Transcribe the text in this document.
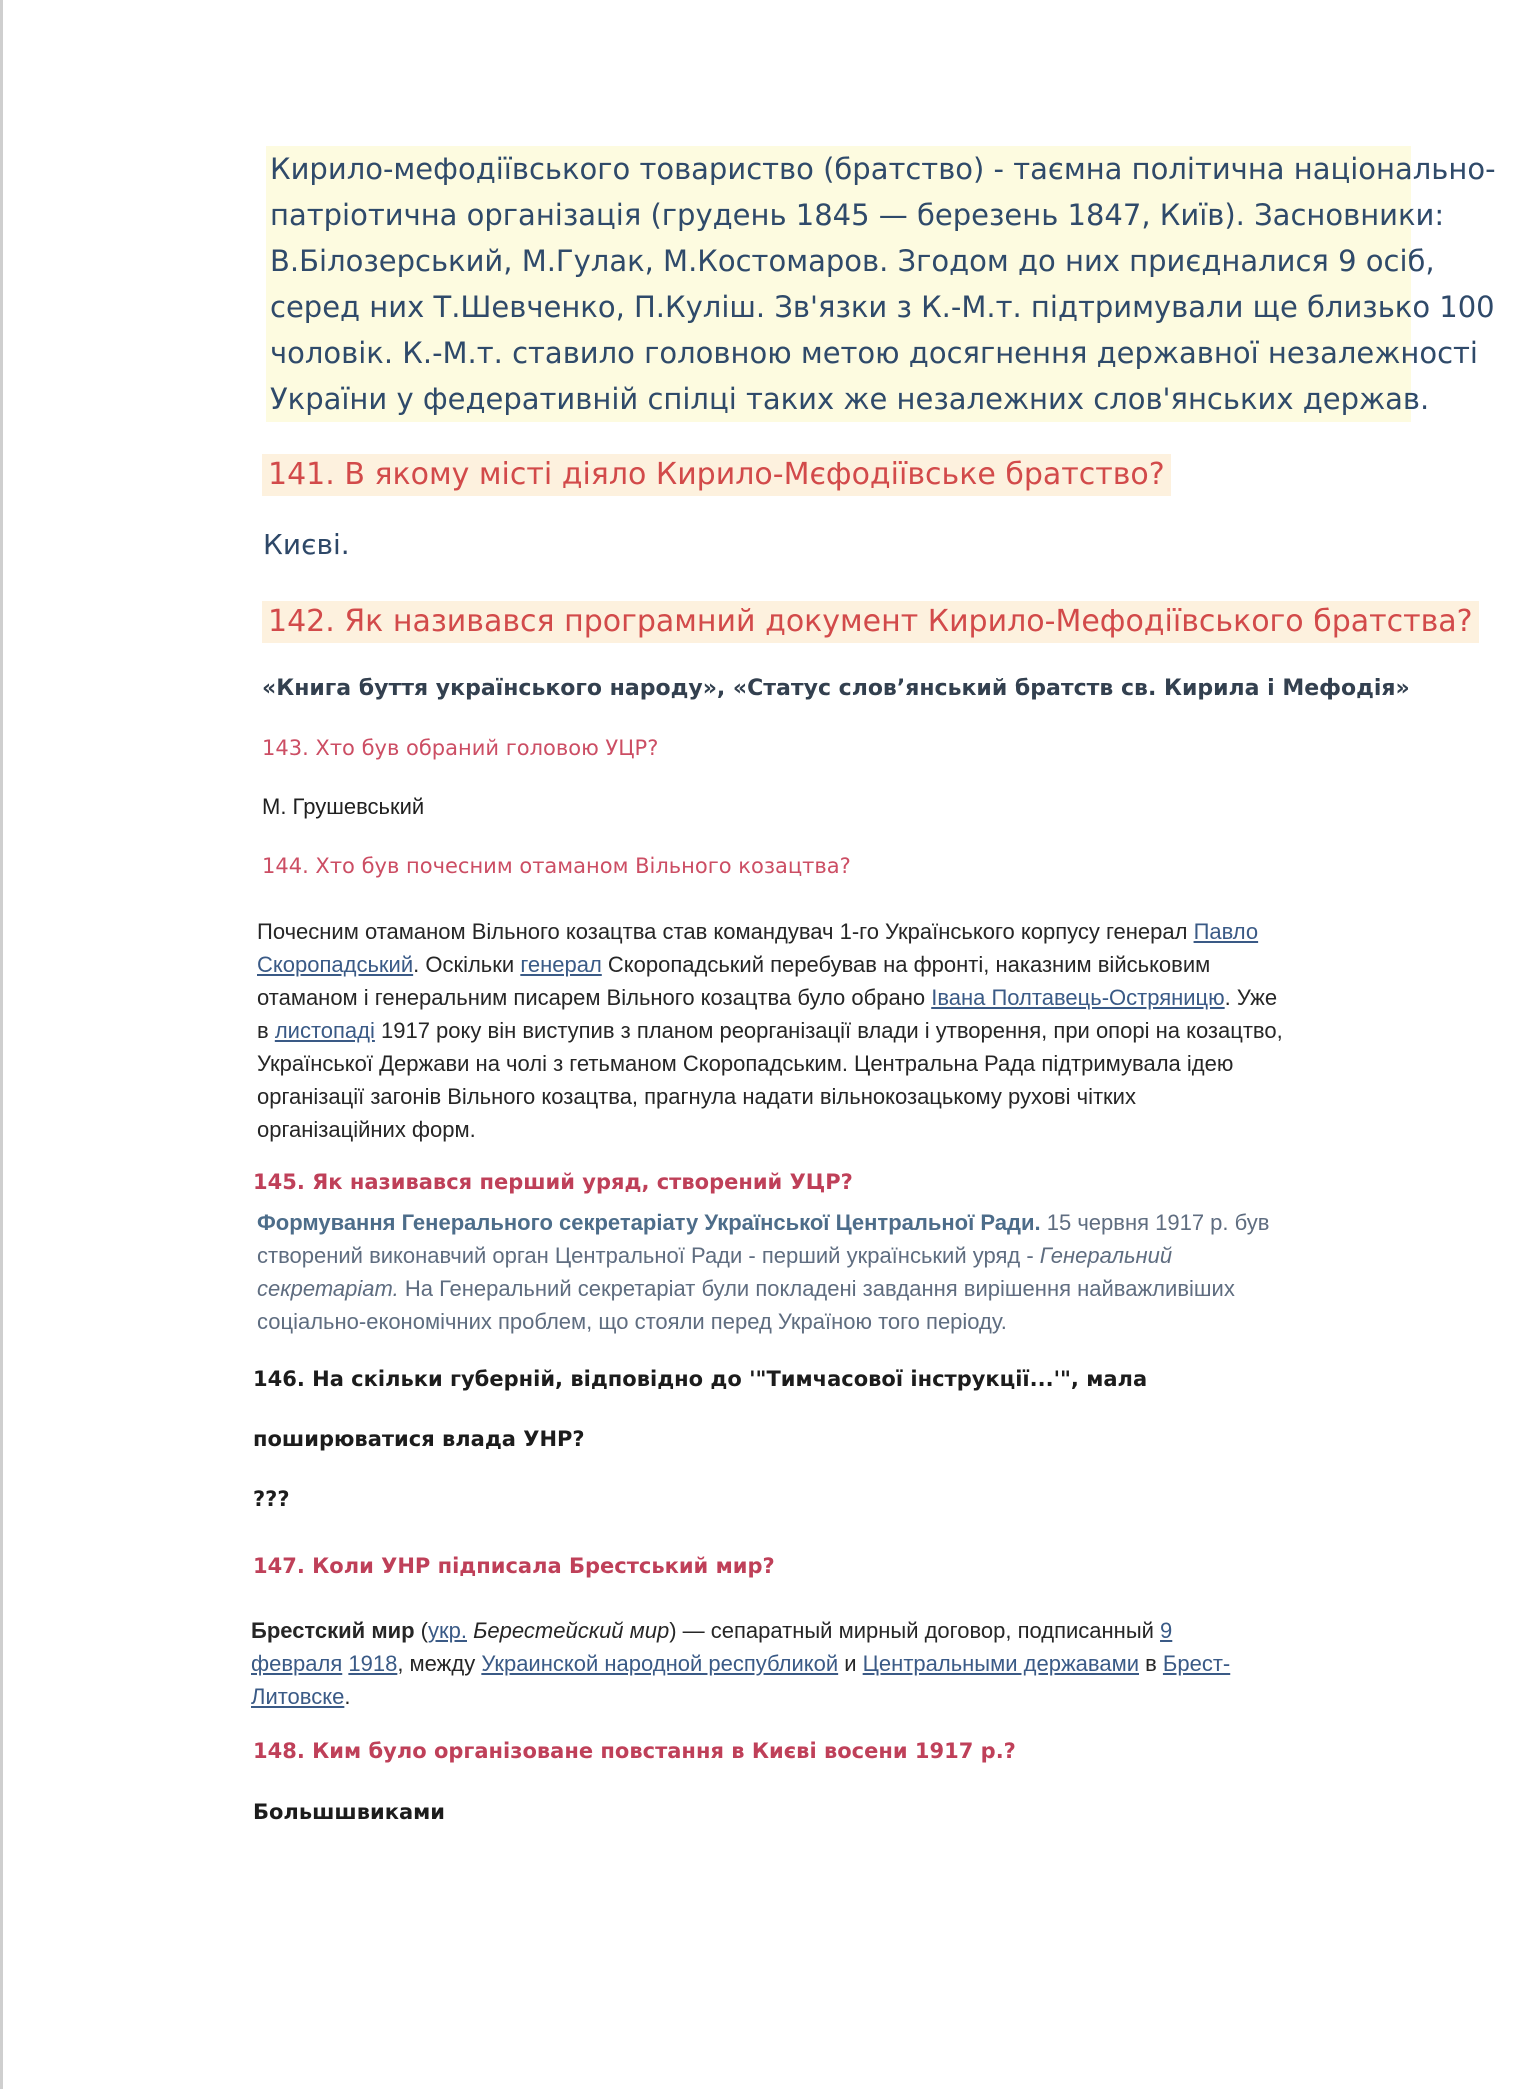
Кирило-мефодіївського товариство (братство) - таємна політична національно-
патріотична організація (грудень 1845 — березень 1847, Київ). Засновники:
В.Білозерський, М.Гулак, М.Костомаров. Згодом до них приєдналися 9 осіб,
серед них Т.Шевченко, П.Куліш. Зв'язки з К.-М.т. підтримували ще близько 100
чоловік. К.-М.т. ставило головною метою досягнення державної незалежності
України у федеративній спілці таких же незалежних слов'янських держав.
141. В якому місті діяло Кирило-Мєфодіївське братство?
Києві.
142. Як називався програмний документ Кирило-Мефодіївського братства?
«Книга буття українського народу», «Статус слов’янський братств св. Кирила і Мефодія»
143. Хто був обраний головою УЦР?
М. Грушевський
144. Хто був почесним отаманом Вільного козацтва?
Почесним отаманом Вільного козацтва став командувач 1-го Українського корпусу генерал Павло
Скоропадський. Оскільки генерал Скоропадський перебував на фронті, наказним військовим
отаманом і генеральним писарем Вільного козацтва було обрано Івана Полтавець-Остряницю. Уже
в листопаді 1917 року він виступив з планом реорганізації влади і утворення, при опорі на козацтво,
Української Держави на чолі з гетьманом Скоропадським. Центральна Рада підтримувала ідею
організації загонів Вільного козацтва, прагнула надати вільнокозацькому рухові чітких
організаційних форм.
145. Як називався перший уряд, створений УЦР?
Формування Генерального секретаріату Української Центральної Ради. 15 червня 1917 р. був
створений виконавчий орган Центральної Ради - перший український уряд - Генеральний
секретаріат. На Генеральний секретаріат були покладені завдання вирішення найважливіших
соціально-економічних проблем, що стояли перед Україною того періоду.
146. На скільки губерній, відповідно до '"Тимчасової інструкції...'", мала
поширюватися влада УНР?
???
147. Коли УНР підписала Брестський мир?
Брестский мир (укр. Берестейский мир) — сепаратный мирный договор, подписанный 9
февраля 1918, между Украинской народной республикой и Центральными державами в Брест-
Литовске.
148. Ким було організоване повстання в Києві восени 1917 р.?
Большшвиками
